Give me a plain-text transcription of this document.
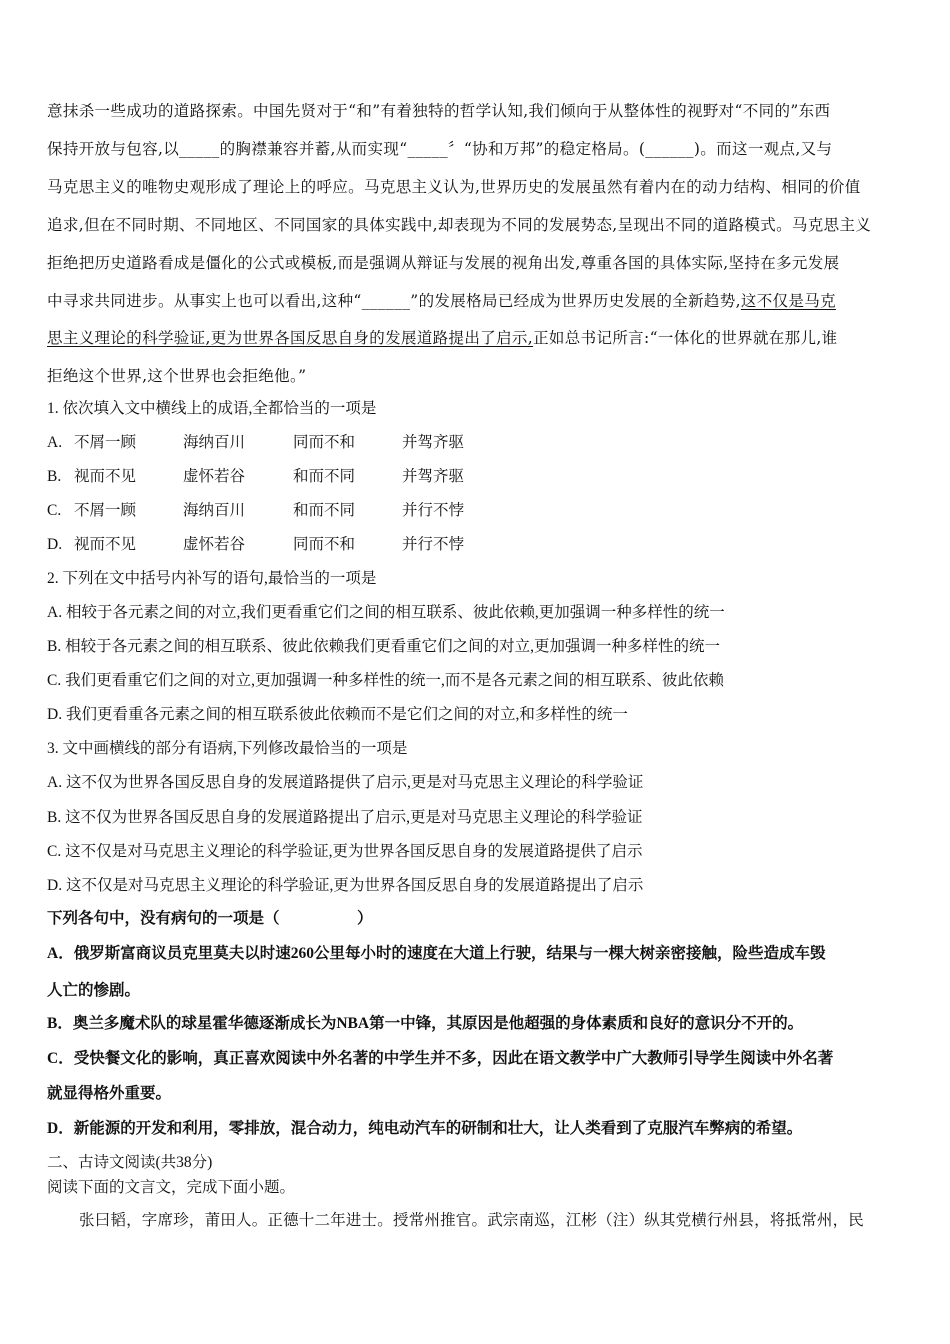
意抹杀一些成功的道路探索。中国先贤对于“和”有着独特的哲学认知,我们倾向于从整体性的视野对“不同的”东西
保持开放与包容,以_____的胸襟兼容并蓄,从而实现“_____〞“协和万邦”的稳定格局。(______)。而这一观点,又与
马克思主义的唯物史观形成了理论上的呼应。马克思主义认为,世界历史的发展虽然有着内在的动力结构、相同的价值
追求,但在不同时期、不同地区、不同国家的具体实践中,却表现为不同的发展势态,呈现出不同的道路模式。马克思主义
拒绝把历史道路看成是僵化的公式或模板,而是强调从辩证与发展的视角出发,尊重各国的具体实际,坚持在多元发展
中寻求共同进步。从事实上也可以看出,这种“______”的发展格局已经成为世界历史发展的全新趋势,这不仅是马克
思主义理论的科学验证,更为世界各国反思自身的发展道路提出了启示,正如总书记所言:“一体化的世界就在那儿,谁
拒绝这个世界,这个世界也会拒绝他。”
1. 依次填入文中横线上的成语,全都恰当的一项是
A. 不屑一顾	海纳百川	同而不和	并驾齐驱
B. 视而不见	虚怀若谷	和而不同	并驾齐驱
C. 不屑一顾	海纳百川	和而不同	并行不悖
D. 视而不见	虚怀若谷	同而不和	并行不悖
2. 下列在文中括号内补写的语句,最恰当的一项是
A. 相较于各元素之间的对立,我们更看重它们之间的相互联系、彼此依赖,更加强调一种多样性的统一
B. 相较于各元素之间的相互联系、彼此依赖我们更看重它们之间的对立,更加强调一种多样性的统一
C. 我们更看重它们之间的对立,更加强调一种多样性的统一,而不是各元素之间的相互联系、彼此依赖
D. 我们更看重各元素之间的相互联系彼此依赖而不是它们之间的对立,和多样性的统一
3. 文中画横线的部分有语病,下列修改最恰当的一项是
A. 这不仅为世界各国反思自身的发展道路提供了启示,更是对马克思主义理论的科学验证
B. 这不仅为世界各国反思自身的发展道路提出了启示,更是对马克思主义理论的科学验证
C. 这不仅是对马克思主义理论的科学验证,更为世界各国反思自身的发展道路提供了启示
D. 这不仅是对马克思主义理论的科学验证,更为世界各国反思自身的发展道路提出了启示
下列各句中，没有病句的一项是（　　　　　）
A．俄罗斯富商议员克里莫夫以时速260公里每小时的速度在大道上行驶，结果与一棵大树亲密接触，险些造成车毁
人亡的惨剧。
B．奥兰多魔术队的球星霍华德逐渐成长为NBA第一中锋，其原因是他超强的身体素质和良好的意识分不开的。
C．受快餐文化的影响，真正喜欢阅读中外名著的中学生并不多，因此在语文教学中广大教师引导学生阅读中外名著
就显得格外重要。
D．新能源的开发和利用，零排放，混合动力，纯电动汽车的研制和壮大，让人类看到了克服汽车弊病的希望。
二、古诗文阅读(共38分)
阅读下面的文言文，完成下面小题。
张曰韬，字席珍，莆田人。正德十二年进士。授常州推官。武宗南巡，江彬（注）纵其党横行州县，将抵常州，民
